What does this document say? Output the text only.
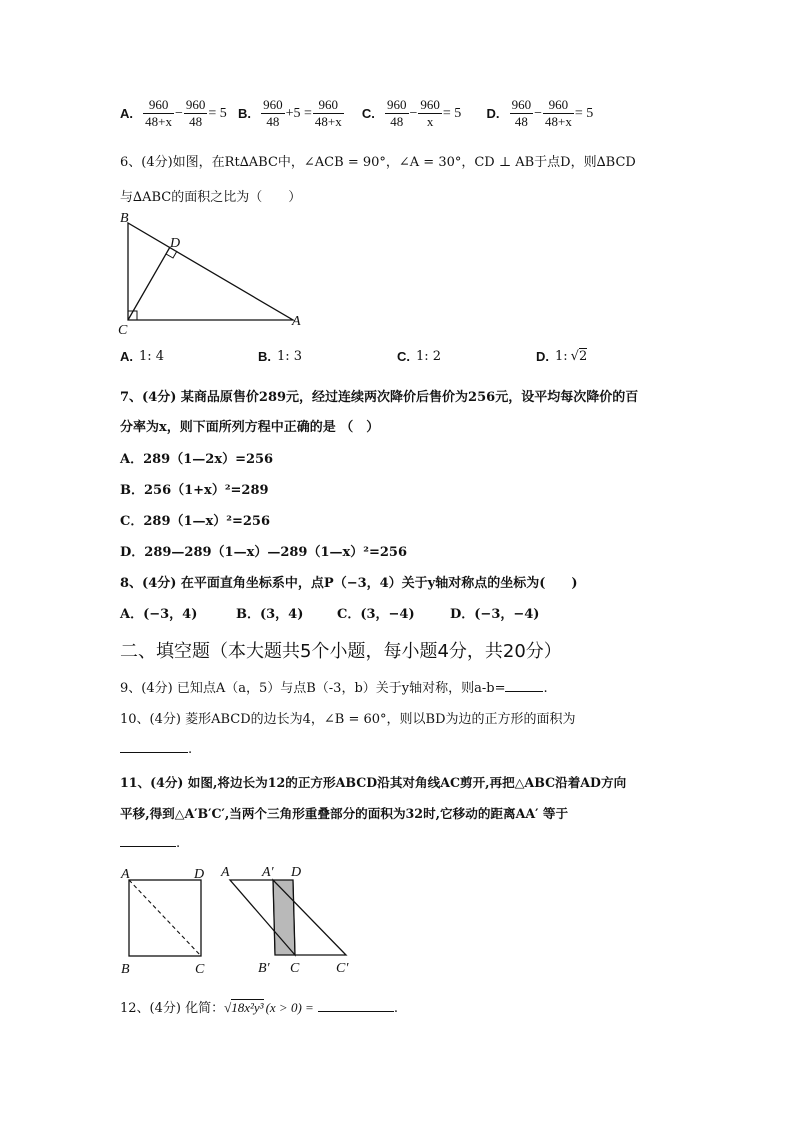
A. $\frac{960}{48+x} - \frac{960}{48} = 5$ B. $\frac{960}{48} +5 = \frac{960}{48+x} C$. $\frac{960}{48} - \frac{960}{x} = 5$ D. $\frac{960}{48} - \frac{960}{48+x} = 5$
6、(4分)如图，在Rt∆ABC中，∠ACB = 90°，∠A = 30°，CD ⊥ AB于点D，则∆BCD
与∆ABC的面积之比为（　　）
B
D
C
A
A. 1: 4	B. 1: 3	C. 1: 2	D. 1: √2
7、(4分) 某商品原售价289元，经过连续两次降价后售价为256元，设平均每次降价的百
分率为x，则下面所列方程中正确的是 （　）
A．289（1—2x）=256
B．256（1+x）²=289
C．289（1—x）²=256
D．289—289（1—x）—289（1—x）²=256
8、(4分) 在平面直角坐标系中，点P（−3，4）关于y轴对称点的坐标为(　　)
A．(−3，4)	B．(3，4)	C．(3，−4)	D．(−3，−4)
二、填空题（本大题共5个小题，每小题4分，共20分）
9、(4分) 已知点A（a，5）与点B（-3，b）关于y轴对称，则a-b=	.
10、(4分) 菱形ABCD的边长为4，∠B = 60°，则以BD为边的正方形的面积为
.
11、(4分) 如图,将边长为12的正方形ABCD沿其对角线AC剪开,再把△ABC沿着AD方向
平移,得到△A′B′C′,当两个三角形重叠部分的面积为32时,它移动的距离AA′ 等于
.
A	D
B	C
A A′ D
B′ C	C′
12、(4分) 化简：√18x²y³ (x > 0) =	.
